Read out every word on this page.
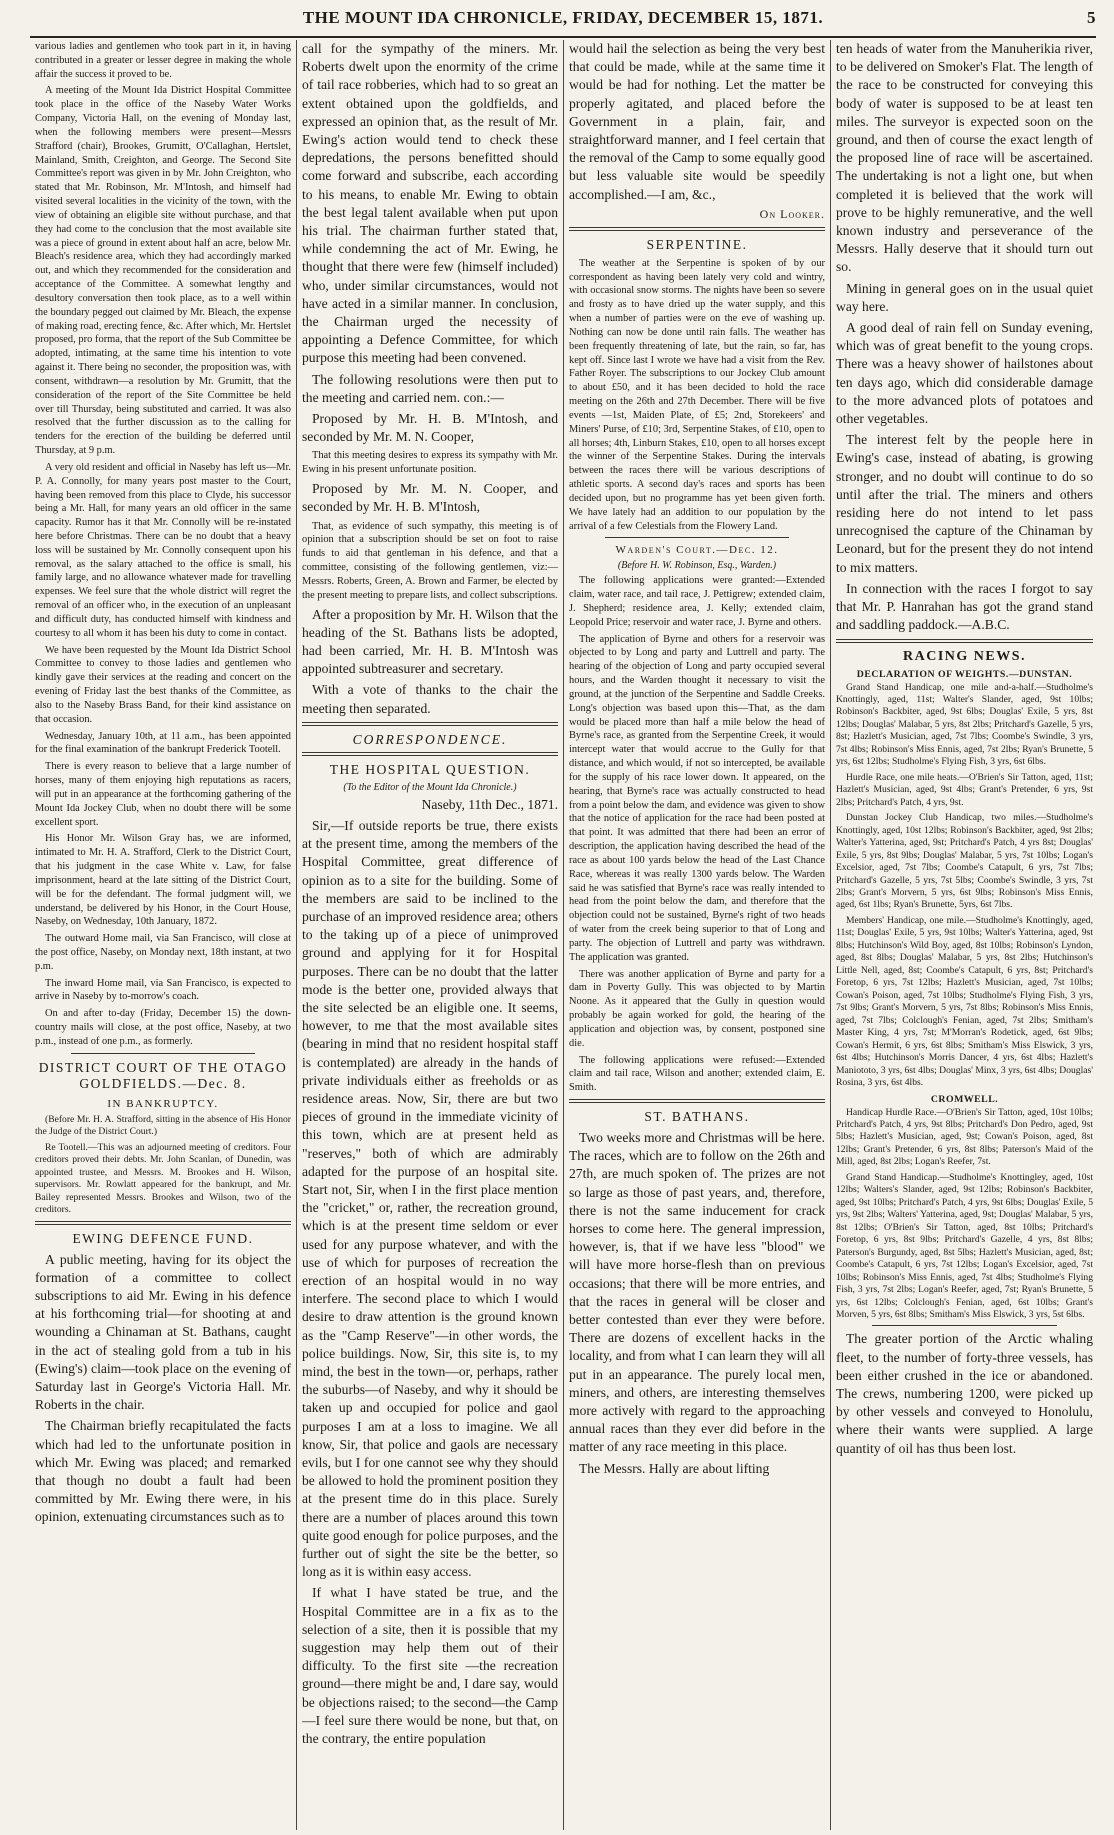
THE MOUNT IDA CHRONICLE, FRIDAY, DECEMBER 15, 1871.	5

various ladies and gentlemen who took part in it, in having contributed in a greater or lesser degree in making the whole affair the success it proved to be.

A meeting of the Mount Ida District Hospital Committee took place in the office of the Naseby Water Works Company, Victoria Hall, on the evening of Monday last, when the following members were present—Messrs Strafford (chair), Brookes, Grumitt, O'Callaghan, Hertslet, Mainland, Smith, Creighton, and George. The Second Site Committee's report was given in by Mr. John Creighton, who stated that Mr. Robinson, Mr. M'Intosh, and himself had visited several localities in the vicinity of the town, with the view of obtaining an eligible site without purchase, and that they had come to the conclusion that the most available site was a piece of ground in extent about half an acre, below Mr. Bleach's residence area, which they had accordingly marked out, and which they recommended for the consideration and acceptance of the Committee. A somewhat lengthy and desultory conversation then took place, as to a well within the boundary pegged out claimed by Mr. Bleach, the expense of making road, erecting fence, &c. After which, Mr. Hertslet proposed, pro forma, that the report of the Sub Committee be adopted, intimating, at the same time his intention to vote against it. There being no seconder, the proposition was, with consent, withdrawn—a resolution by Mr. Grumitt, that the consideration of the report of the Site Committee be held over till Thursday, being substituted and carried. It was also resolved that the further discussion as to the calling for tenders for the erection of the building be deferred until Thursday, at 9 p.m.

A very old resident and official in Naseby has left us—Mr. P. A. Connolly, for many years post master to the Court, having been removed from this place to Clyde, his successor being a Mr. Hall, for many years an old officer in the same capacity. Rumor has it that Mr. Connolly will be re-instated here before Christmas. There can be no doubt that a heavy loss will be sustained by Mr. Connolly consequent upon his removal, as the salary attached to the office is small, his family large, and no allowance whatever made for travelling expenses. We feel sure that the whole district will regret the removal of an officer who, in the execution of an unpleasant and difficult duty, has conducted himself with kindness and courtesy to all whom it has been his duty to come in contact.

We have been requested by the Mount Ida District School Committee to convey to those ladies and gentlemen who kindly gave their services at the reading and concert on the evening of Friday last the best thanks of the Committee, as also to the Naseby Brass Band, for their kind assistance on that occasion.

Wednesday, January 10th, at 11 a.m., has been appointed for the final examination of the bankrupt Frederick Tootell.

There is every reason to believe that a large number of horses, many of them enjoying high reputations as racers, will put in an appearance at the forthcoming gathering of the Mount Ida Jockey Club, when no doubt there will be some excellent sport.

His Honor Mr. Wilson Gray has, we are informed, intimated to Mr. H. A. Strafford, Clerk to the District Court, that his judgment in the case White v. Law, for false imprisonment, heard at the late sitting of the District Court, will be for the defendant. The formal judgment will, we understand, be delivered by his Honor, in the Court House, Naseby, on Wednesday, 10th January, 1872.

The outward Home mail, via San Francisco, will close at the post office, Naseby, on Monday next, 18th instant, at two p.m.

The inward Home mail, via San Francisco, is expected to arrive in Naseby by to-morrow's coach.

On and after to-day (Friday, December 15) the down-country mails will close, at the post office, Naseby, at two p.m., instead of one p.m., as formerly.

DISTRICT COURT OF THE OTAGO GOLDFIELDS.—Dec. 8.
IN BANKRUPTCY.

(Before Mr. H. A. Strafford, sitting in the absence of His Honor the Judge of the District Court.)

Re Tootell.—This was an adjourned meeting of creditors. Four creditors proved their debts. Mr. John Scanlan, of Dunedin, was appointed trustee, and Messrs. M. Brookes and H. Wilson, supervisors. Mr. Rowlatt appeared for the bankrupt, and Mr. Bailey represented Messrs. Brookes and Wilson, two of the creditors.

EWING DEFENCE FUND.

A public meeting, having for its object the formation of a committee to collect subscriptions to aid Mr. Ewing in his defence at his forthcoming trial—for shooting at and wounding a Chinaman at St. Bathans, caught in the act of stealing gold from a tub in his (Ewing's) claim—took place on the evening of Saturday last in George's Victoria Hall. Mr. Roberts in the chair.

The Chairman briefly recapitulated the facts which had led to the unfortunate position in which Mr. Ewing was placed; and remarked that though no doubt a fault had been committed by Mr. Ewing there were, in his opinion, extenuating circumstances such as to

call for the sympathy of the miners. Mr. Roberts dwelt upon the enormity of the crime of tail race robberies, which had to so great an extent obtained upon the goldfields, and expressed an opinion that, as the result of Mr. Ewing's action would tend to check these depredations, the persons benefitted should come forward and subscribe, each according to his means, to enable Mr. Ewing to obtain the best legal talent available when put upon his trial. The chairman further stated that, while condemning the act of Mr. Ewing, he thought that there were few (himself included) who, under similar circumstances, would not have acted in a similar manner. In conclusion, the Chairman urged the necessity of appointing a Defence Committee, for which purpose this meeting had been convened.

The following resolutions were then put to the meeting and carried nem. con.:—

Proposed by Mr. H. B. M'Intosh, and seconded by Mr. M. N. Cooper,

That this meeting desires to express its sympathy with Mr. Ewing in his present unfortunate position.

Proposed by Mr. M. N. Cooper, and seconded by Mr. H. B. M'Intosh,

That, as evidence of such sympathy, this meeting is of opinion that a subscription should be set on foot to raise funds to aid that gentleman in his defence, and that a committee, consisting of the following gentlemen, viz:—Messrs. Roberts, Green, A. Brown and Farmer, be elected by the present meeting to prepare lists, and collect subscriptions.

After a proposition by Mr. H. Wilson that the heading of the St. Bathans lists be adopted, had been carried, Mr. H. B. M'Intosh was appointed subtreasurer and secretary.

With a vote of thanks to the chair the meeting then separated.

CORRESPONDENCE.
THE HOSPITAL QUESTION.
(To the Editor of the Mount Ida Chronicle.)

Naseby, 11th Dec., 1871.

Sir,—If outside reports be true, there exists at the present time, among the members of the Hospital Committee, great difference of opinion as to a site for the building. Some of the members are said to be inclined to the purchase of an improved residence area; others to the taking up of a piece of unimproved ground and applying for it for Hospital purposes. There can be no doubt that the latter mode is the better one, provided always that the site selected be an eligible one. It seems, however, to me that the most available sites (bearing in mind that no resident hospital staff is contemplated) are already in the hands of private individuals either as freeholds or as residence areas. Now, Sir, there are but two pieces of ground in the immediate vicinity of this town, which are at present held as "reserves," both of which are admirably adapted for the purpose of an hospital site. Start not, Sir, when I in the first place mention the "cricket," or, rather, the recreation ground, which is at the present time seldom or ever used for any purpose whatever, and with the use of which for purposes of recreation the erection of an hospital would in no way interfere. The second place to which I would desire to draw attention is the ground known as the "Camp Reserve"—in other words, the police buildings. Now, Sir, this site is, to my mind, the best in the town—or, perhaps, rather the suburbs—of Naseby, and why it should be taken up and occupied for police and gaol purposes I am at a loss to imagine. We all know, Sir, that police and gaols are necessary evils, but I for one cannot see why they should be allowed to hold the prominent position they at the present time do in this place. Surely there are a number of places around this town quite good enough for police purposes, and the further out of sight the site be the better, so long as it is within easy access.

If what I have stated be true, and the Hospital Committee are in a fix as to the selection of a site, then it is possible that my suggestion may help them out of their difficulty. To the first site —the recreation ground—there might be and, I dare say, would be objections raised; to the second—the Camp—I feel sure there would be none, but that, on the contrary, the entire population

would hail the selection as being the very best that could be made, while at the same time it would be had for nothing. Let the matter be properly agitated, and placed before the Government in a plain, fair, and straightforward manner, and I feel certain that the removal of the Camp to some equally good but less valuable site would be speedily accomplished.—I am, &c.,

On Looker.

SERPENTINE.

The weather at the Serpentine is spoken of by our correspondent as having been lately very cold and wintry, with occasional snow storms. The nights have been so severe and frosty as to have dried up the water supply, and this when a number of parties were on the eve of washing up. Nothing can now be done until rain falls. The weather has been frequently threatening of late, but the rain, so far, has kept off. Since last I wrote we have had a visit from the Rev. Father Royer. The subscriptions to our Jockey Club amount to about £50, and it has been decided to hold the race meeting on the 26th and 27th December. There will be five events —1st, Maiden Plate, of £5; 2nd, Storekeers' and Miners' Purse, of £10; 3rd, Serpentine Stakes, of £10, open to all horses; 4th, Linburn Stakes, £10, open to all horses except the winner of the Serpentine Stakes. During the intervals between the races there will be various descriptions of athletic sports. A second day's races and sports has been decided upon, but no programme has yet been given forth. We have lately had an addition to our population by the arrival of a few Celestials from the Flowery Land.

Warden's Court.—Dec. 12.
(Before H. W. Robinson, Esq., Warden.)

The following applications were granted:—Extended claim, water race, and tail race, J. Pettigrew; extended claim, J. Shepherd; residence area, J. Kelly; extended claim, Leopold Price; reservoir and water race, J. Byrne and others.

The application of Byrne and others for a reservoir was objected to by Long and party and Luttrell and party. The hearing of the objection of Long and party occupied several hours, and the Warden thought it necessary to visit the ground, at the junction of the Serpentine and Saddle Creeks. Long's objection was based upon this—That, as the dam would be placed more than half a mile below the head of Byrne's race, as granted from the Serpentine Creek, it would intercept water that would accrue to the Gully for that distance, and which would, if not so intercepted, be available for the supply of his race lower down. It appeared, on the hearing, that Byrne's race was actually constructed to head from a point below the dam, and evidence was given to show that the notice of application for the race had been posted at that point. It was admitted that there had been an error of description, the application having described the head of the race as about 100 yards below the head of the Last Chance Race, whereas it was really 1300 yards below. The Warden said he was satisfied that Byrne's race was really intended to head from the point below the dam, and therefore that the objection could not be sustained, Byrne's right of two heads of water from the creek being superior to that of Long and party. The objection of Luttrell and party was withdrawn. The application was granted.

There was another application of Byrne and party for a dam in Poverty Gully. This was objected to by Martin Noone. As it appeared that the Gully in question would probably be again worked for gold, the hearing of the application and objection was, by consent, postponed sine die.

The following applications were refused:—Extended claim and tail race, Wilson and another; extended claim, E. Smith.

ST. BATHANS.

Two weeks more and Christmas will be here. The races, which are to follow on the 26th and 27th, are much spoken of. The prizes are not so large as those of past years, and, therefore, there is not the same inducement for crack horses to come here. The general impression, however, is, that if we have less "blood" we will have more horse-flesh than on previous occasions; that there will be more entries, and that the races in general will be closer and better contested than ever they were before. There are dozens of excellent hacks in the locality, and from what I can learn they will all put in an appearance. The purely local men, miners, and others, are interesting themselves more actively with regard to the approaching annual races than they ever did before in the matter of any race meeting in this place.

The Messrs. Hally are about lifting

ten heads of water from the Manuherikia river, to be delivered on Smoker's Flat. The length of the race to be constructed for conveying this body of water is supposed to be at least ten miles. The surveyor is expected soon on the ground, and then of course the exact length of the proposed line of race will be ascertained. The undertaking is not a light one, but when completed it is believed that the work will prove to be highly remunerative, and the well known industry and perseverance of the Messrs. Hally deserve that it should turn out so.

Mining in general goes on in the usual quiet way here.

A good deal of rain fell on Sunday evening, which was of great benefit to the young crops. There was a heavy shower of hailstones about ten days ago, which did considerable damage to the more advanced plots of potatoes and other vegetables.

The interest felt by the people here in Ewing's case, instead of abating, is growing stronger, and no doubt will continue to do so until after the trial. The miners and others residing here do not intend to let pass unrecognised the capture of the Chinaman by Leonard, but for the present they do not intend to mix matters.

In connection with the races I forgot to say that Mr. P. Hanrahan has got the grand stand and saddling paddock.—A.B.C.

RACING NEWS.
DECLARATION OF WEIGHTS.—DUNSTAN.

Grand Stand Handicap, one mile and-a-half.—Studholme's Knottingly, aged, 11st; Walter's Slander, aged, 9st 10lbs; Robinson's Backbiter, aged, 9st 6lbs; Douglas' Exile, 5 yrs, 8st 12lbs; Douglas' Malabar, 5 yrs, 8st 2lbs; Pritchard's Gazelle, 5 yrs, 8st; Hazlett's Musician, aged, 7st 7lbs; Coombe's Swindle, 3 yrs, 7st 4lbs; Robinson's Miss Ennis, aged, 7st 2lbs; Ryan's Brunette, 5 yrs, 6st 12lbs; Studholme's Flying Fish, 3 yrs, 6st 6lbs.

Hurdle Race, one mile heats.—O'Brien's Sir Tatton, aged, 11st; Hazlett's Musician, aged, 9st 4lbs; Grant's Pretender, 6 yrs, 9st 2lbs; Pritchard's Patch, 4 yrs, 9st.

Dunstan Jockey Club Handicap, two miles.—Studholme's Knottingly, aged, 10st 12lbs; Robinson's Backbiter, aged, 9st 2lbs; Walter's Yatterina, aged, 9st; Pritchard's Patch, 4 yrs 8st; Douglas' Exile, 5 yrs, 8st 9lbs; Douglas' Malabar, 5 yrs, 7st 10lbs; Logan's Excelsior, aged, 7st 7lbs; Coombe's Catapult, 6 yrs, 7st 7lbs; Pritchard's Gazelle, 5 yrs, 7st 5lbs; Coombe's Swindle, 3 yrs, 7st 2lbs; Grant's Morvern, 5 yrs, 6st 9lbs; Robinson's Miss Ennis, aged, 6st 1lbs; Ryan's Brunette, 5yrs, 6st 7lbs.

Members' Handicap, one mile.—Studholme's Knottingly, aged, 11st; Douglas' Exile, 5 yrs, 9st 10lbs; Walter's Yatterina, aged, 9st 8lbs; Hutchinson's Wild Boy, aged, 8st 10lbs; Robinson's Lyndon, aged, 8st 8lbs; Douglas' Malabar, 5 yrs, 8st 2lbs; Hutchinson's Little Nell, aged, 8st; Coombe's Catapult, 6 yrs, 8st; Pritchard's Foretop, 6 yrs, 7st 12lbs; Hazlett's Musician, aged, 7st 10lbs; Cowan's Poison, aged, 7st 10lbs; Studholme's Flying Fish, 3 yrs, 7st 9lbs; Grant's Morvern, 5 yrs, 7st 8lbs; Robinson's Miss Ennis, aged, 7st 7lbs; Colclough's Fenian, aged, 7st 2lbs; Smitham's Master King, 4 yrs, 7st; M'Morran's Rodetick, aged, 6st 9lbs; Cowan's Hermit, 6 yrs, 6st 8lbs; Smitham's Miss Elswick, 3 yrs, 6st 4lbs; Hutchinson's Morris Dancer, 4 yrs, 6st 4lbs; Hazlett's Maniototo, 3 yrs, 6st 4lbs; Douglas' Minx, 3 yrs, 6st 4lbs; Douglas' Rosina, 3 yrs, 6st 4lbs.

CROMWELL.

Handicap Hurdle Race.—O'Brien's Sir Tatton, aged, 10st 10lbs; Pritchard's Patch, 4 yrs, 9st 8lbs; Pritchard's Don Pedro, aged, 9st 5lbs; Hazlett's Musician, aged, 9st; Cowan's Poison, aged, 8st 12lbs; Grant's Pretender, 6 yrs, 8st 8lbs; Paterson's Maid of the Mill, aged, 8st 2lbs; Logan's Reefer, 7st.

Grand Stand Handicap.—Studholme's Knottingley, aged, 10st 12lbs; Walters's Slander, aged, 9st 12lbs; Robinson's Backbiter, aged, 9st 10lbs; Pritchard's Patch, 4 yrs, 9st 6lbs; Douglas' Exile, 5 yrs, 9st 2lbs; Walters' Yatterina, aged, 9st; Douglas' Malabar, 5 yrs, 8st 12lbs; O'Brien's Sir Tatton, aged, 8st 10lbs; Pritchard's Foretop, 6 yrs, 8st 9lbs; Pritchard's Gazelle, 4 yrs, 8st 8lbs; Paterson's Burgundy, aged, 8st 5lbs; Hazlett's Musician, aged, 8st; Coombe's Catapult, 6 yrs, 7st 12lbs; Logan's Excelsior, aged, 7st 10lbs; Robinson's Miss Ennis, aged, 7st 4lbs; Studholme's Flying Fish, 3 yrs, 7st 2lbs; Logan's Reefer, aged, 7st; Ryan's Brunette, 5 yrs, 6st 12lbs; Colclough's Fenian, aged, 6st 10lbs; Grant's Morven, 5 yrs, 6st 8lbs; Smitham's Miss Elswick, 3 yrs, 5st 6lbs.

The greater portion of the Arctic whaling fleet, to the number of forty-three vessels, has been either crushed in the ice or abandoned. The crews, numbering 1200, were picked up by other vessels and conveyed to Honolulu, where their wants were supplied. A large quantity of oil has thus been lost.
